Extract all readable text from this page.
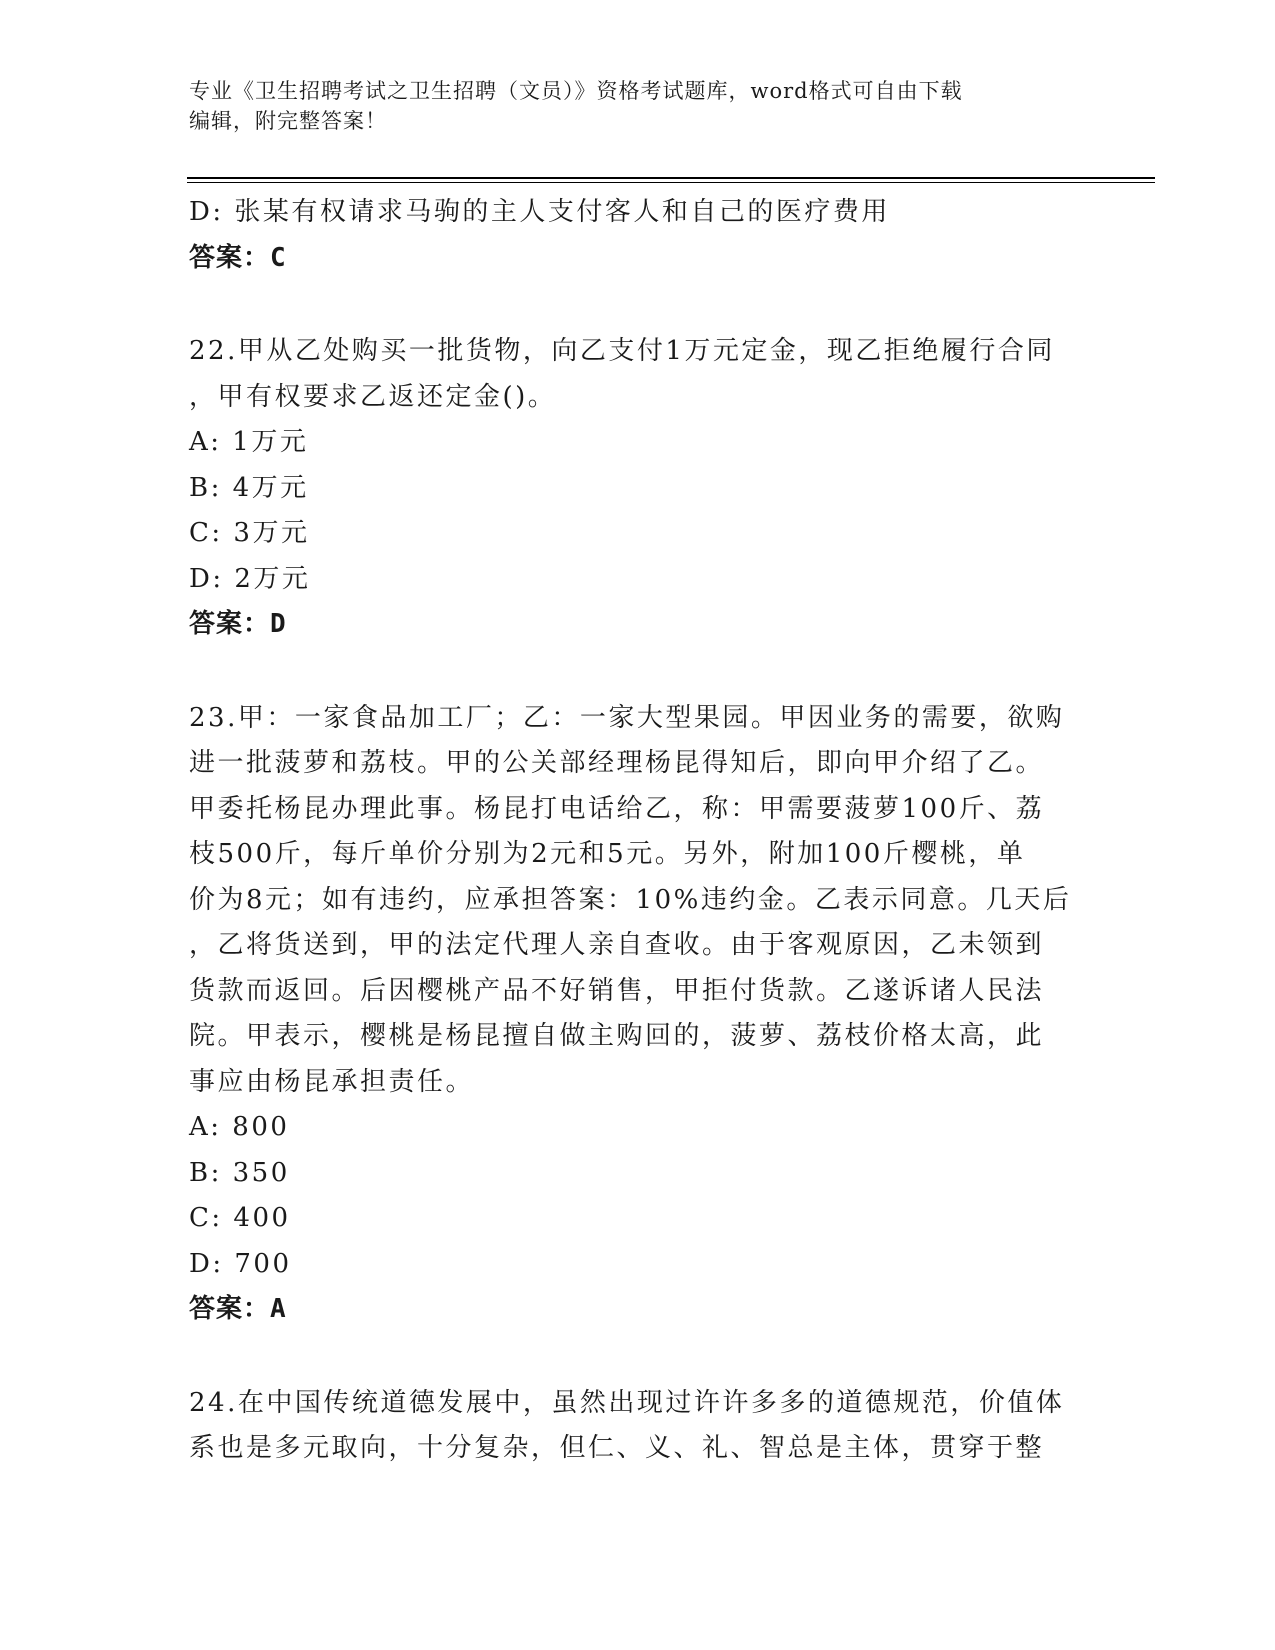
专业《卫生招聘考试之卫生招聘（文员）》资格考试题库，word格式可自由下载
编辑，附完整答案！
D: 张某有权请求马驹的主人支付客人和自己的医疗费用
答案：C
22.甲从乙处购买一批货物，向乙支付1万元定金，现乙拒绝履行合同
，甲有权要求乙返还定金()。
A: 1万元
B: 4万元
C: 3万元
D: 2万元
答案：D
23.甲：一家食品加工厂；乙：一家大型果园。甲因业务的需要，欲购
进一批菠萝和荔枝。甲的公关部经理杨昆得知后，即向甲介绍了乙。
甲委托杨昆办理此事。杨昆打电话给乙，称：甲需要菠萝100斤、荔
枝500斤，每斤单价分别为2元和5元。另外，附加100斤樱桃，单
价为8元；如有违约，应承担答案：10%违约金。乙表示同意。几天后
，乙将货送到，甲的法定代理人亲自查收。由于客观原因，乙未领到
货款而返回。后因樱桃产品不好销售，甲拒付货款。乙遂诉诸人民法
院。甲表示，樱桃是杨昆擅自做主购回的，菠萝、荔枝价格太高，此
事应由杨昆承担责任。
A: 800
B: 350
C: 400
D: 700
答案：A
24.在中国传统道德发展中，虽然出现过许许多多的道德规范，价值体
系也是多元取向，十分复杂，但仁、义、礼、智总是主体，贯穿于整
